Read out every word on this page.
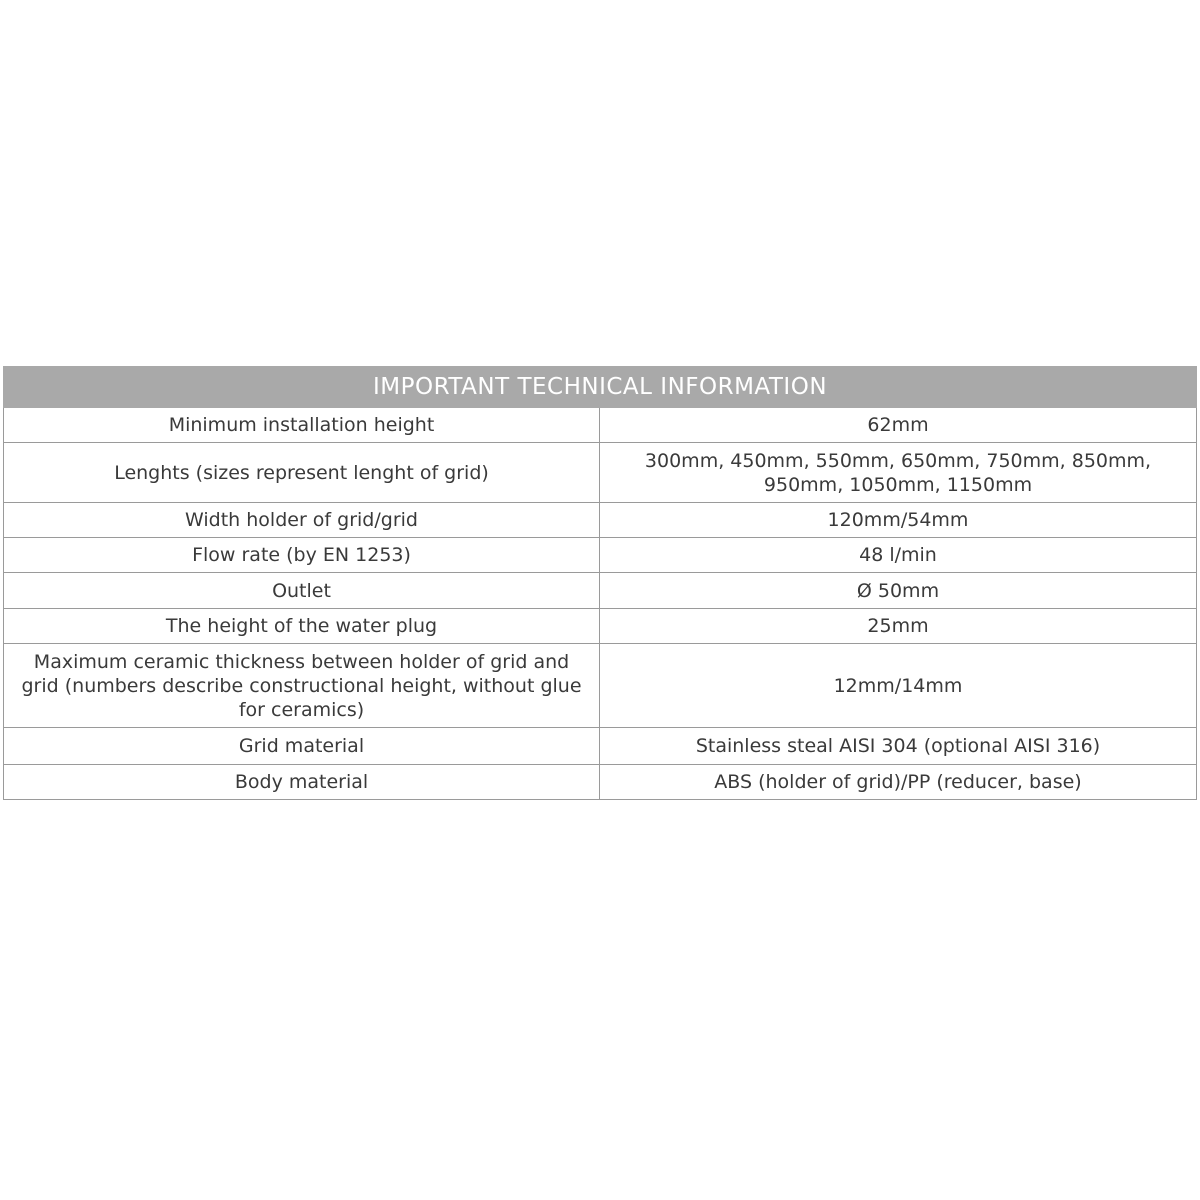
IMPORTANT TECHNICAL INFORMATION	
Minimum installation height	62mm
Lenghts (sizes represent lenght of grid)	300mm, 450mm, 550mm, 650mm, 750mm, 850mm, 950mm, 1050mm, 1150mm
Width holder of grid/grid	120mm/54mm
Flow rate (by EN 1253)	48 l/min
Outlet	Ø 50mm
The height of the water plug	25mm
Maximum ceramic thickness between holder of grid and grid (numbers describe constructional height, without glue for ceramics)	12mm/14mm
Grid material	Stainless steal AISI 304 (optional AISI 316)
Body material	ABS (holder of grid)/PP (reducer, base)
